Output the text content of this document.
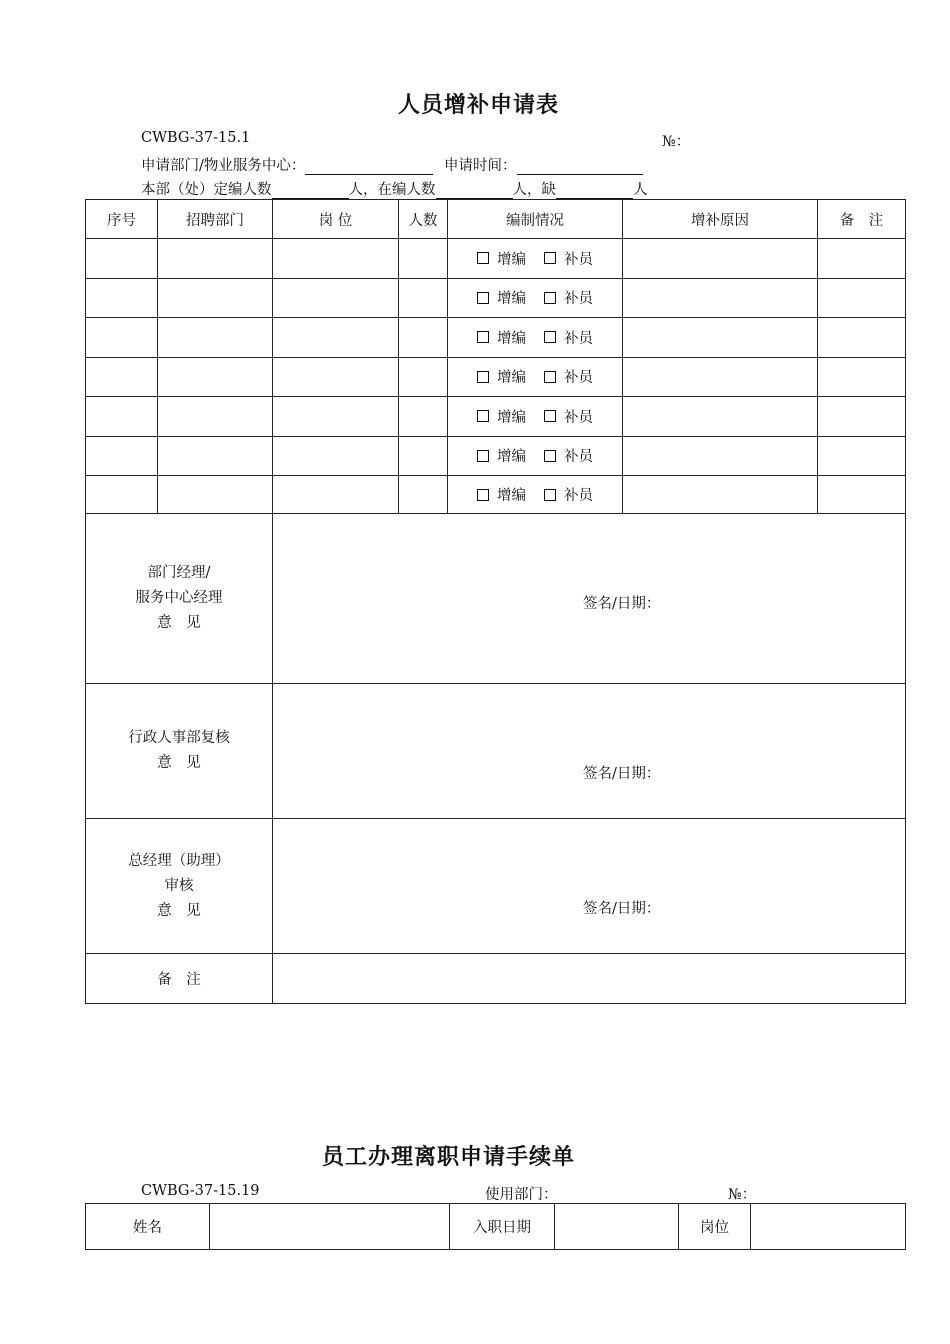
人员增补申请表
CWBG-37-15.1	№：
申请部门/物业服务中心：	申请时间：
本部（处）定编人数	人，在编人数	人，缺	人
序号	招聘部门	岗 位	人数	编制情况	增补原因	备　注

				增编 补员		

				增编 补员		

				增编 补员		

				增编 补员		

				增编 补员		

				增编 补员		

				增编 补员		

部门经理/
服务中心经理
意　见		签名/日期：				

行政人事部复核
意　见		签名/日期：				

总经理（助理）
审核
意　见		签名/日期：				

备　注						
员工办理离职申请手续单
CWBG-37-15.19	使用部门：	№：
姓名		入职日期		岗位	
